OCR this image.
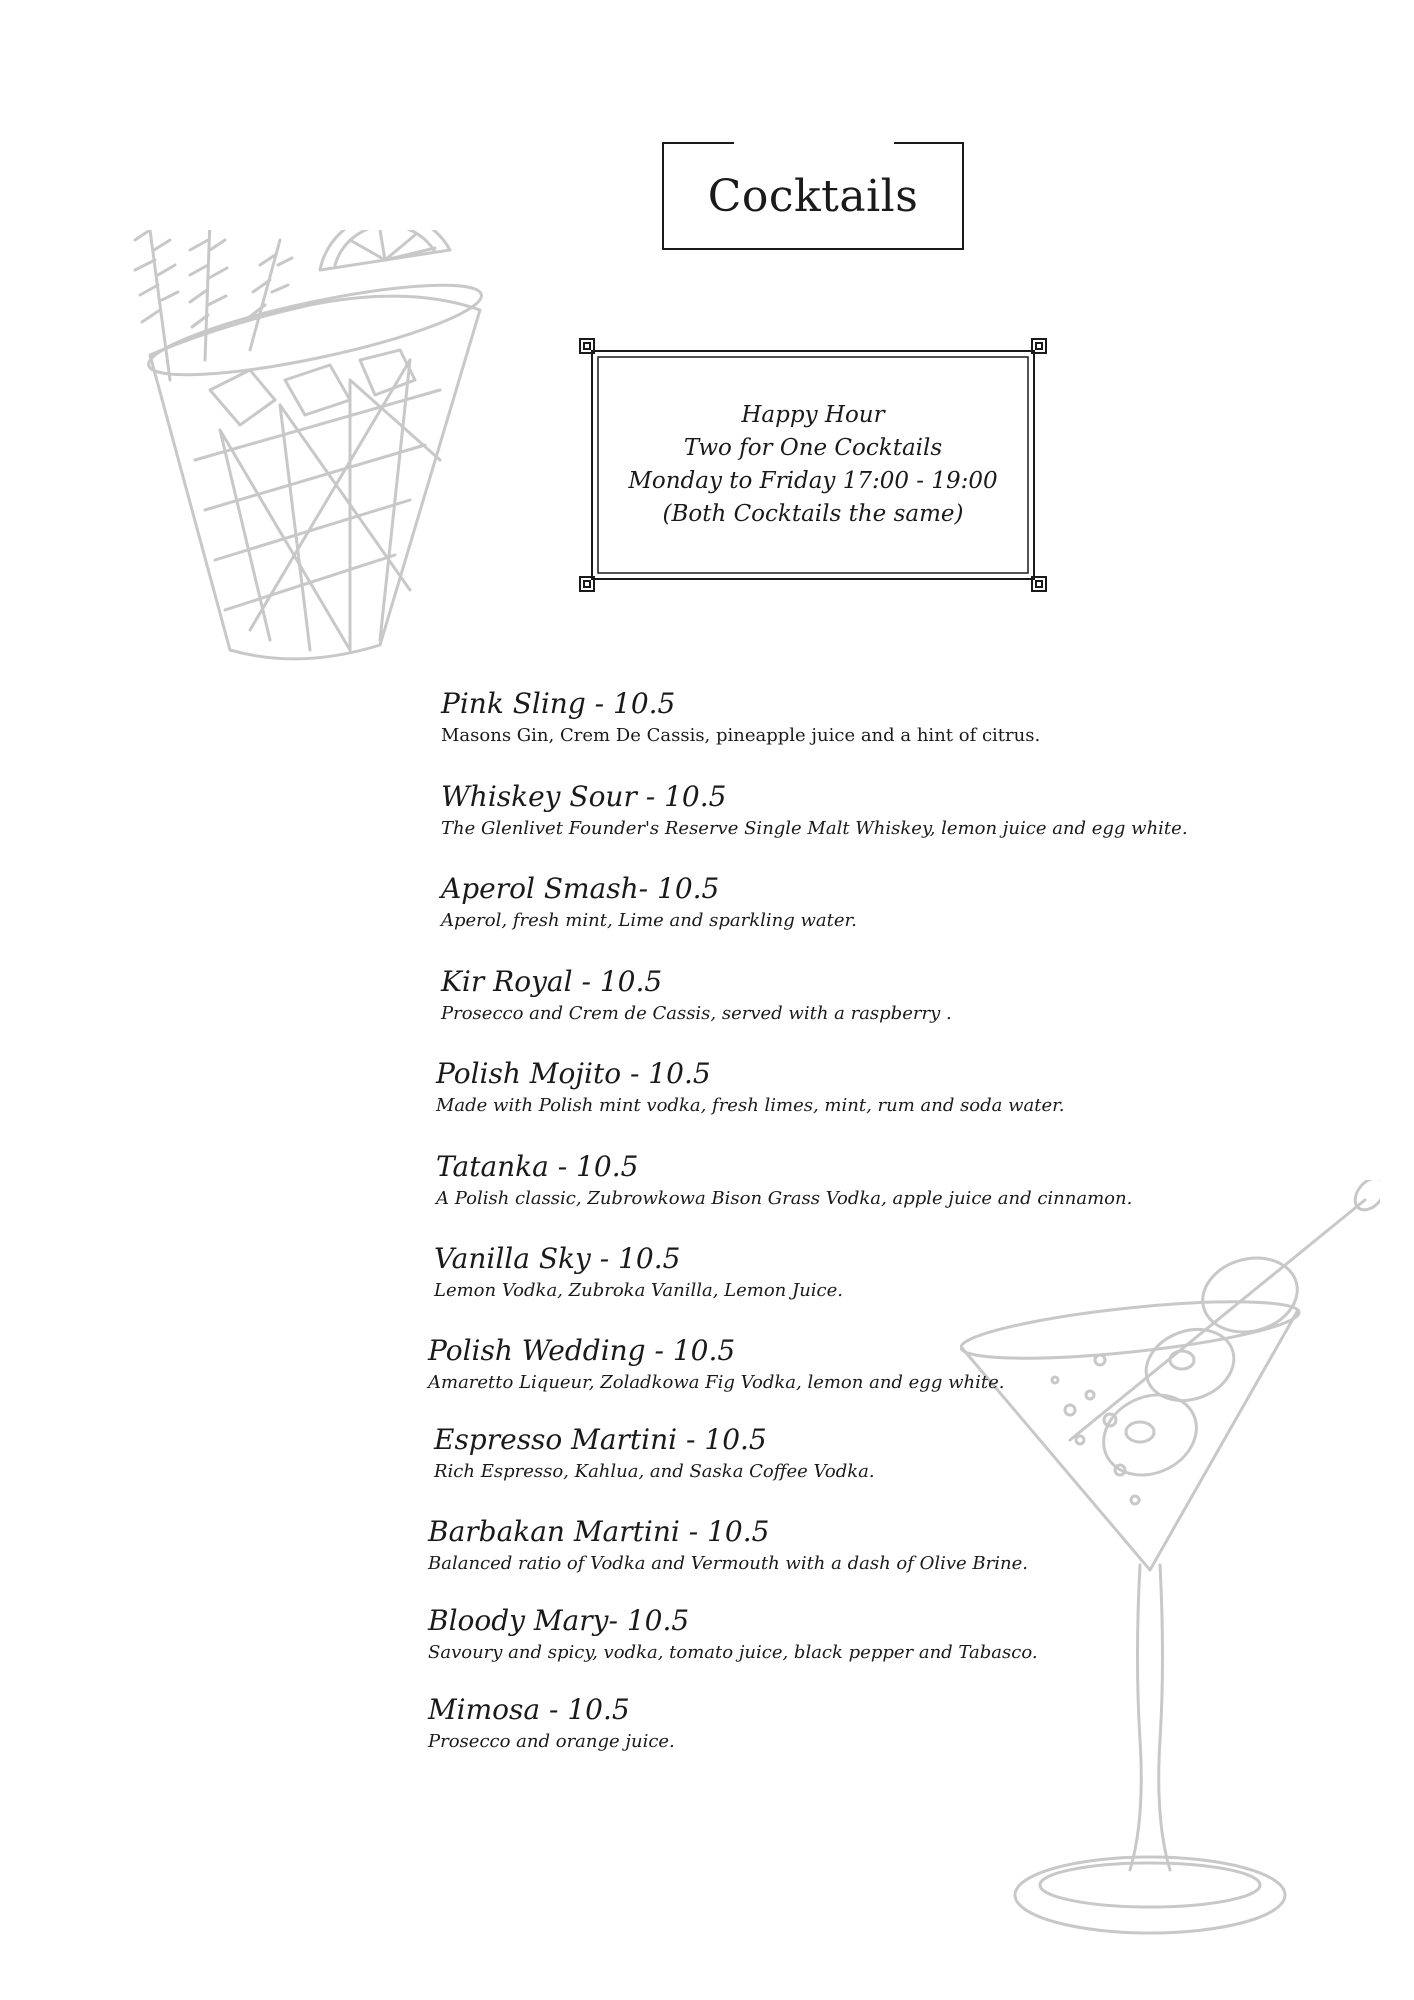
Cocktails
Happy Hour
Two for One Cocktails
Monday to Friday 17:00 - 19:00
(Both Cocktails the same)
Pink Sling - 10.5
Masons Gin, Crem De Cassis, pineapple juice and a hint of citrus.
Whiskey Sour - 10.5
The Glenlivet Founder's Reserve Single Malt Whiskey, lemon juice and egg white.
Aperol Smash- 10.5
Aperol, fresh mint, Lime and sparkling water.
Kir Royal - 10.5
Prosecco and Crem de Cassis, served with a raspberry .
Polish Mojito - 10.5
Made with Polish mint vodka, fresh limes, mint, rum and soda water.
Tatanka - 10.5
A Polish classic, Zubrowkowa Bison Grass Vodka, apple juice and cinnamon.
Vanilla Sky - 10.5
Lemon Vodka, Zubroka Vanilla, Lemon Juice.
Polish Wedding - 10.5
Amaretto Liqueur, Zoladkowa Fig Vodka, lemon and egg white.
Espresso Martini - 10.5
Rich Espresso, Kahlua, and Saska Coffee Vodka.
Barbakan Martini - 10.5
Balanced ratio of Vodka and Vermouth with a dash of Olive Brine.
Bloody Mary- 10.5
Savoury and spicy, vodka, tomato juice, black pepper and Tabasco.
Mimosa - 10.5
Prosecco and orange juice.
